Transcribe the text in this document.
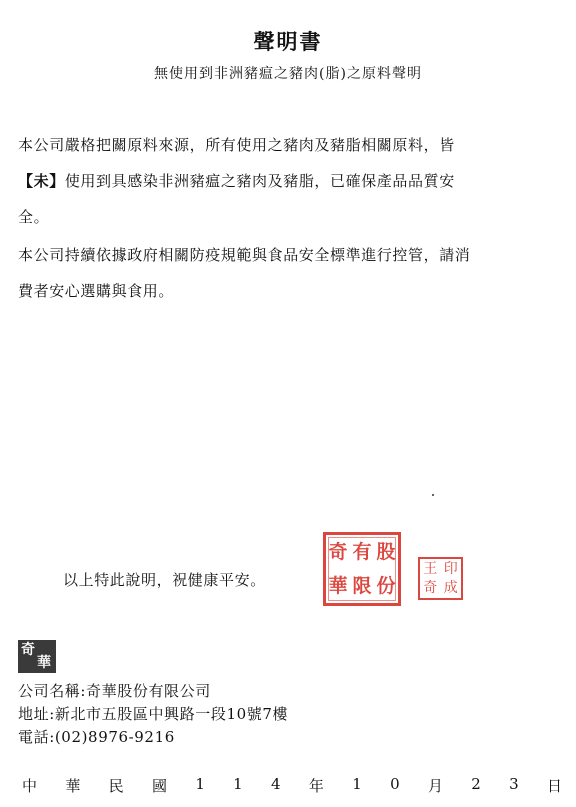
聲明書
無使用到非洲豬瘟之豬肉(脂)之原料聲明
本公司嚴格把關原料來源，所有使用之豬肉及豬脂相關原料，皆
【未】使用到具感染非洲豬瘟之豬肉及豬脂，已確保產品品質安
全。
本公司持續依據政府相關防疫規範與食品安全標準進行控管，請消
費者安心選購與食用。
以上特此說明，祝健康平安。
奇 有 股
華 限 份
王 印
奇 成
奇
華
公司名稱:奇華股份有限公司
地址:新北市五股區中興路一段10號7樓
電話:(02)8976-9216
中 華 民 國 1 1 4 年 1 0 月 2 3 日
